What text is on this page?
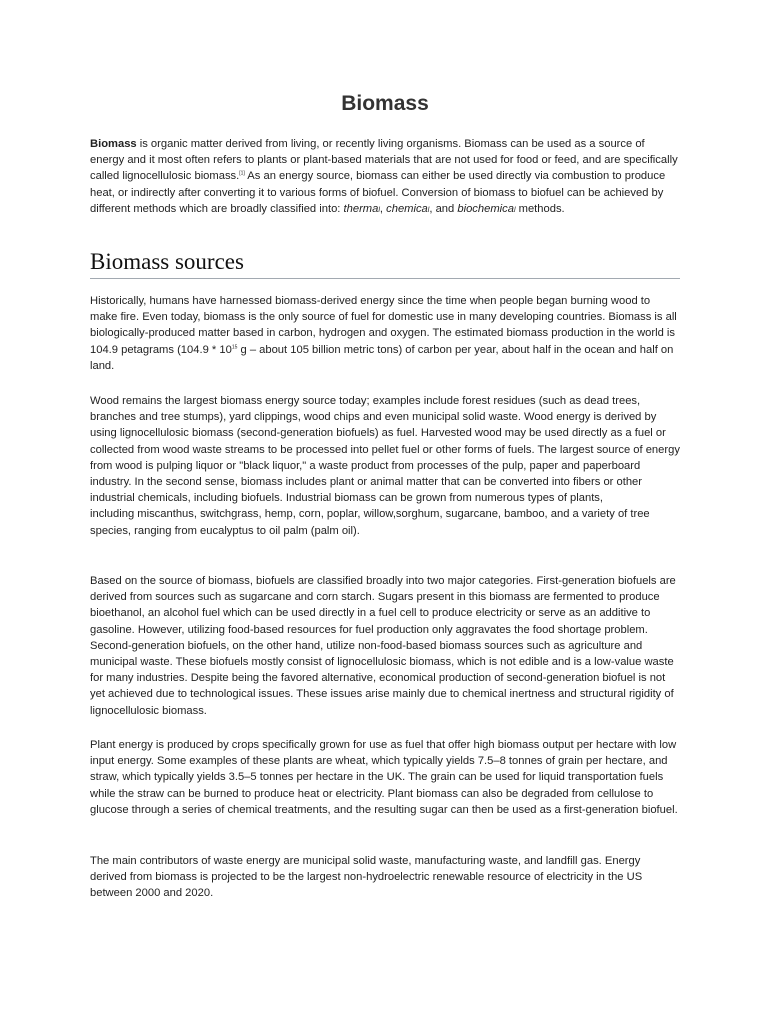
Biomass

Biomass is organic matter derived from living, or recently living organisms. Biomass can be used as a source of energy and it most often refers to plants or plant-based materials that are not used for food or feed, and are specifically called lignocellulosic biomass.[1] As an energy source, biomass can either be used directly via combustion to produce heat, or indirectly after converting it to various forms of biofuel. Conversion of biomass to biofuel can be achieved by different methods which are broadly classified into: thermal, chemical, and biochemical methods.

Biomass sources

Historically, humans have harnessed biomass-derived energy since the time when people began burning wood to make fire. Even today, biomass is the only source of fuel for domestic use in many developing countries. Biomass is all biologically-produced matter based in carbon, hydrogen and oxygen. The estimated biomass production in the world is 104.9 petagrams ($104.9 * 10^{15}$ g – about 105 billion metric tons) of carbon per year, about half in the ocean and half on land.

Wood remains the largest biomass energy source today; examples include forest residues (such as dead trees, branches and tree stumps), yard clippings, wood chips and even municipal solid waste. Wood energy is derived by using lignocellulosic biomass (second-generation biofuels) as fuel. Harvested wood may be used directly as a fuel or collected from wood waste streams to be processed into pellet fuel or other forms of fuels. The largest source of energy from wood is pulping liquor or "black liquor," a waste product from processes of the pulp, paper and paperboard industry. In the second sense, biomass includes plant or animal matter that can be converted into fibers or other industrial chemicals, including biofuels. Industrial biomass can be grown from numerous types of plants,
including miscanthus, switchgrass, hemp, corn, poplar, willow,sorghum, sugarcane, bamboo, and a variety of tree species, ranging from eucalyptus to oil palm (palm oil).

Based on the source of biomass, biofuels are classified broadly into two major categories. First-generation biofuels are derived from sources such as sugarcane and corn starch. Sugars present in this biomass are fermented to produce bioethanol, an alcohol fuel which can be used directly in a fuel cell to produce electricity or serve as an additive to gasoline. However, utilizing food-based resources for fuel production only aggravates the food shortage problem. Second-generation biofuels, on the other hand, utilize non-food-based biomass sources such as agriculture and municipal waste. These biofuels mostly consist of lignocellulosic biomass, which is not edible and is a low-value waste for many industries. Despite being the favored alternative, economical production of second-generation biofuel is not yet achieved due to technological issues. These issues arise mainly due to chemical inertness and structural rigidity of lignocellulosic biomass.

Plant energy is produced by crops specifically grown for use as fuel that offer high biomass output per hectare with low input energy. Some examples of these plants are wheat, which typically yields 7.5–8 tonnes of grain per hectare, and straw, which typically yields 3.5–5 tonnes per hectare in the UK. The grain can be used for liquid transportation fuels while the straw can be burned to produce heat or electricity. Plant biomass can also be degraded from cellulose to glucose through a series of chemical treatments, and the resulting sugar can then be used as a first-generation biofuel.

The main contributors of waste energy are municipal solid waste, manufacturing waste, and landfill gas. Energy derived from biomass is projected to be the largest non-hydroelectric renewable resource of electricity in the US between 2000 and 2020.
